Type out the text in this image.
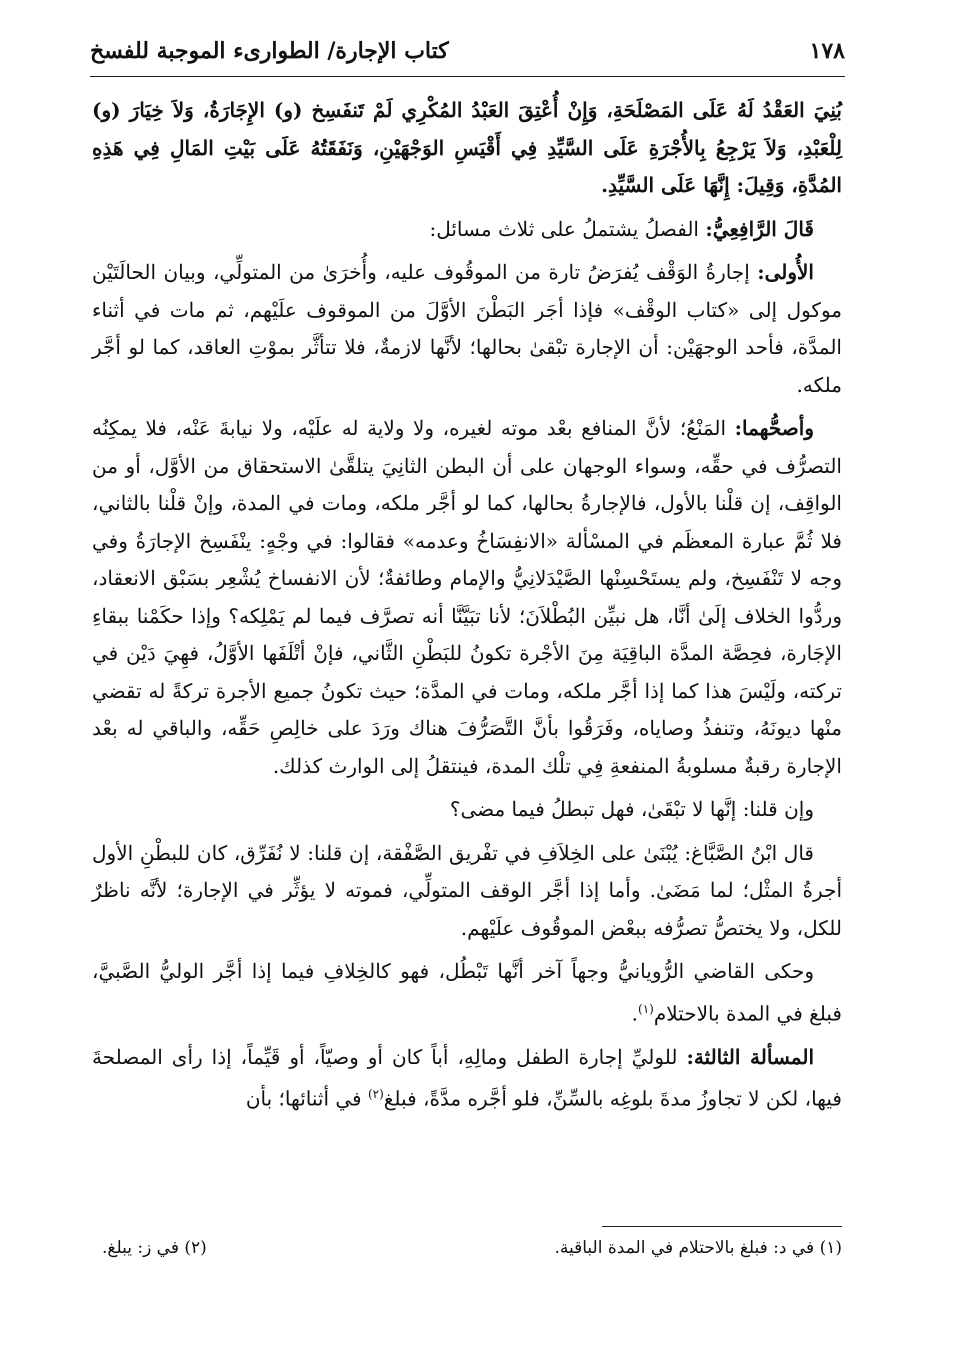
١٧٨
كتاب الإجارة/ الطوارىء الموجبة للفسخ

بُنِيَ العَقْدُ لَهُ عَلَى المَصْلَحَةِ، وَإِنْ أُعْتِقَ العَبْدُ المُكْرِي لَمْ تَنفَسِخ (و) الإِجَارَةُ، وَلاَ خِيَارَ (و) لِلْعَبْدِ، وَلاَ يَرْجِعُ بِالأُجْرَةِ عَلَى السَّيِّدِ فِي أَقْيَسِ الوَجْهَيْنِ، وَنَفَقَتُهُ عَلَى بَيْتِ المَالِ فِي هَذِهِ المُدَّةِ، وَقِيلَ: إِنَّهَا عَلَى السَّيِّدِ.

قَالَ الرَّافِعِيُّ: الفصلُ يشتملُ على ثلاث مسائل:

الأُولى: إجارةُ الوَقْف يُفرَضُ تارة من الموقُوف عليه، وأُخرَىٰ من المتولِّي، وبيان الحالَتَيْن موكول إلى «كتاب الوقْف» فإذا أجَر البَطْنَ الأوَّلَ من الموقوف علَيْهم، ثم مات في أثناء المدَّة، فأحد الوجهَيْن: أن الإجارة تبْقىٰ بحالها؛ لأنَّها لازمةٌ، فلا تتأثَّر بموْتِ العاقد، كما لو أجَّر ملكه.

وأصحُّهما: المَنْعُ؛ لأنَّ المنافع بعْد موته لغيره، ولا ولاية له علَيْه، ولا نيابةَ عَنْه، فلا يمكِنُه التصرُّف في حقِّه، وسواء الوجهان على أن البطن الثانِيَ يتلقَّىٰ الاستحقاق من الأوَّل، أو من الواقِف، إن قلْنا بالأول، فالإجارةُ بحالها، كما لو أجَّر ملكه، ومات في المدة، وإنْ قلْنا بالثاني، فلا ثُمَّ عبارة المعظَم في المسْألة «الانفِسَاخُ وعدمه» فقالوا: في وجْهٍ: ينْفَسِخ الإجارَةُ وفي وجه لا تَنْفَسِخ، ولم يستَحْسِنْها الصَّيْدَلانِيُّ والإمام وطائفةٌ؛ لأن الانفساخ يُشْعِر بسَبْق الانعقاد، وردُّوا الخلاف إلَىٰ أنَّا، هل نبيِّن البُطْلاَنَ؛ لأنا تبَيَّنَّا أنه تصرَّف فيما لم يَمْلِكه؟ وإذا حكَمْنا ببقاءِ الإجَارة، فحِصَّة المدَّة الباقِيَة مِنَ الأجْرة تكونُ للبَطْنِ الثَّاني، فإنْ أتْلَفَها الأوَّلُ، فهِيَ دَيْن في تركته، ولَيْسَ هذا كما إذا أجَّر ملكه، ومات في المدَّة؛ حيث تكونُ جميع الأجرة تركةً له تقضي منْها ديونَهُ، وتنفذُ وصاياه، وفَرَقُوا بأنَّ التَّصَرُّفَ هناك ورَدَ على خالِصِ حَقِّه، والباقي له بعْد الإجارة رقبةٌ مسلوبةُ المنفعةِ فِي تلْك المدة، فينتقلُ إلى الوارث كذلك.

وإن قلنا: إنَّها لا تبْقَىٰ، فهل تبطلُ فيما مضى؟

قال ابْنُ الصَّبَّاغ: يُبْنَىٰ على الخِلاَفِ في تفْريق الصَّفْقة، إن قلنا: لا نُفَرِّق، كان للبطْنِ الأول أجرةُ المثْل؛ لما مَضَىٰ. وأما إذا أجَّر الوقف المتولِّي، فموته لا يؤثِّر في الإجارة؛ لأنَّه ناظرٌ للكل، ولا يختصُّ تصرُّفه ببعْض الموقُوف علَيْهم.

وحكى القاضي الرُّويانيُّ وجهاً آخر أنَّها تَبْطُل، فهو كالخِلافِ فيما إذا أجَّر الوليُّ الصَّبيَّ، فبلغ في المدة بالاحتلام$^{(١)}$.

المسألة الثالثة: للوليِّ إجارة الطفل ومالِهِ، أباً كان أو وصيّاً، أو قَيِّماً، إذا رأى المصلحةَ فيها، لكن لا تجاوزُ مدةَ بلوغِه بالسِّنِّ، فلو أجَّره مدَّةً، فبلغ$^{(٢)}$ في أثنائها؛ بأن

(١) في د: فبلغ بالاحتلام في المدة الباقية.
(٢) في ز: يبلغ.
